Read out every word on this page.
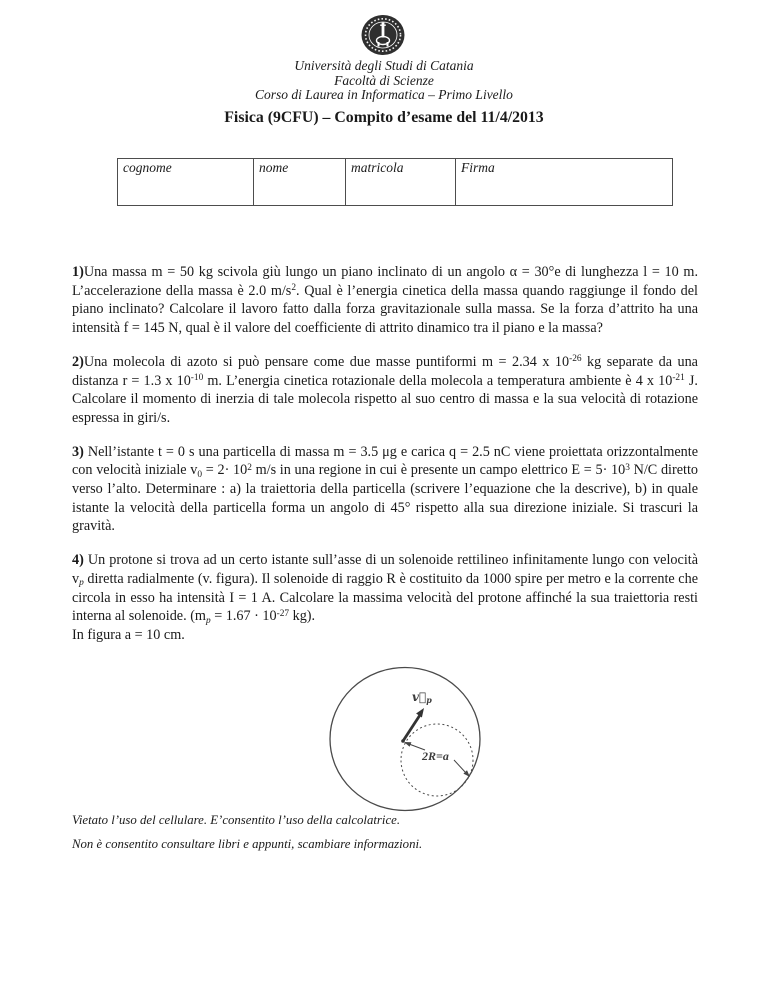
Università degli Studi di Catania
Facoltà di Scienze
Corso di Laurea in Informatica – Primo Livello
Fisica (9CFU) – Compito d’esame del 11/4/2013
cognome	nome	matricola	Firma

1)Una massa m = 50 kg scivola giù lungo un piano inclinato di un angolo α = 30°e di lunghezza l = 10 m. L’accelerazione della massa è 2.0 $m/s^2$. Qual è l’energia cinetica della massa quando raggiunge il fondo del piano inclinato? Calcolare il lavoro fatto dalla forza gravitazionale sulla massa. Se la forza d’attrito ha una intensità f = 145 N, qual è il valore del coefficiente di attrito dinamico tra il piano e la massa?

2)Una molecola di azoto si può pensare come due masse puntiformi m = 2.34 x $10^{-26}$ kg separate da una distanza r = 1.3 x $10^{-10}$ m. L’energia cinetica rotazionale della molecola a temperatura ambiente è 4 x $10^{-21}$ J. Calcolare il momento di inerzia di tale molecola rispetto al suo centro di massa e la sua velocità di rotazione espressa in giri/s.

3) Nell’istante t = 0 s una particella di massa m = 3.5 μg e carica q = 2.5 nC viene proiettata orizzontalmente con velocità iniziale $v_0 = 2\cdot 10^2$ m/s in una regione in cui è presente un campo elettrico $E = 5\cdot 10^3$ N/C diretto verso l’alto. Determinare : a) la traiettoria della particella (scrivere l’equazione che la descrive), b) in quale istante la velocità della particella forma un angolo di 45° rispetto alla sua direzione iniziale. Si trascuri la gravità.

4) Un protone si trova ad un certo istante sull’asse di un solenoide rettilineo infinitamente lungo con velocità $v_p$ diretta radialmente (v. figura). Il solenoide di raggio R è costituito da 1000 spire per metro e la corrente che circola in esso ha intensità I = 1 A. Calcolare la massima velocità del protone affinché la sua traiettoria resti interna al solenoide. ($m_p = 1.67 \cdot 10^{-27}$ kg).
In figura a = 10 cm.

$v⃗_p$
2R=a
Vietato l’uso del cellulare. E’consentito l’uso della calcolatrice.
Non è consentito consultare libri e appunti, scambiare informazioni.
